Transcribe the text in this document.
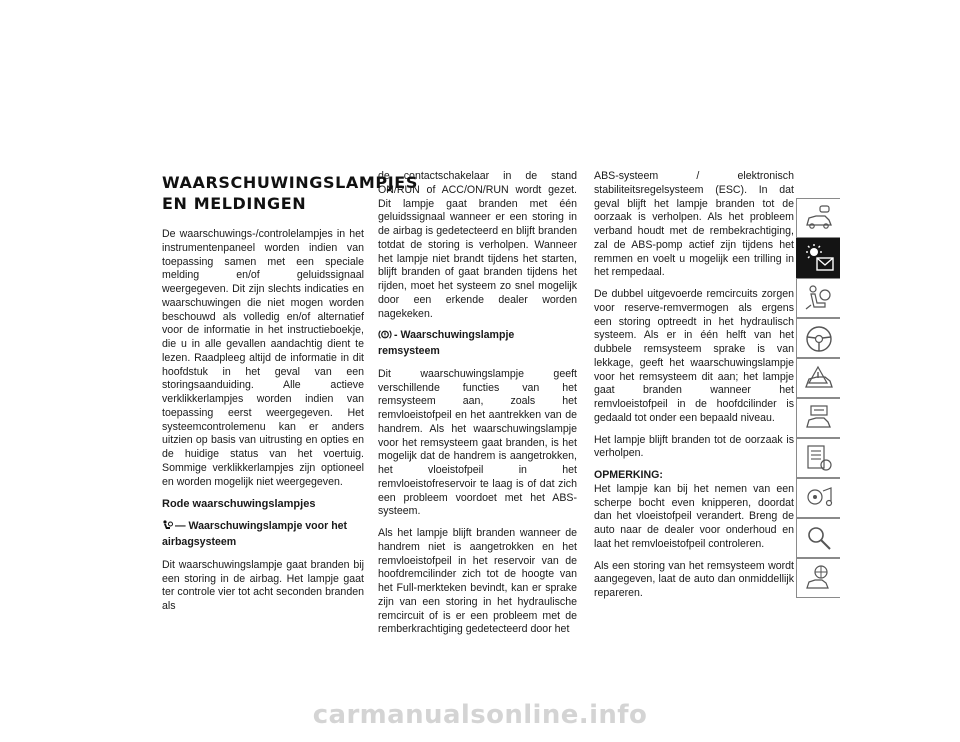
WAARSCHUWINGSLAMPJES EN MELDINGEN

De waarschuwings-/controlelampjes in het instrumentenpaneel worden indien van toepassing samen met een speciale melding en/of geluidssignaal weergegeven. Dit zijn slechts indicaties en waarschuwingen die niet mogen worden beschouwd als volledig en/of alternatief voor de informatie in het instructieboekje, die u in alle gevallen aandachtig dient te lezen. Raadpleeg altijd de informatie in dit hoofdstuk in het geval van een storingsaanduiding. Alle actieve verklikkerlampjes worden indien van toepassing eerst weergegeven. Het systeemcontrolemenu kan er anders uitzien op basis van uitrusting en opties en de huidige status van het voertuig. Sommige verklikkerlampjes zijn optioneel en worden mogelijk niet weergegeven.

Rode waarschuwingslampjes
— Waarschuwingslampje voor het airbagsysteem

Dit waarschuwingslampje gaat branden bij een storing in de airbag. Het lampje gaat ter controle vier tot acht seconden branden als

de contactschakelaar in de stand ON/RUN of ACC/ON/RUN wordt gezet. Dit lampje gaat branden met één geluidssignaal wanneer er een storing in de airbag is gedetecteerd en blijft branden totdat de storing is verholpen. Wanneer het lampje niet brandt tijdens het starten, blijft branden of gaat branden tijdens het rijden, moet het systeem zo snel mogelijk door een erkende dealer worden nagekeken.

- Waarschuwingslampje remsysteem

Dit waarschuwingslampje geeft verschillende functies van het remsysteem aan, zoals het remvloeistofpeil en het aantrekken van de handrem. Als het waarschuwingslampje voor het remsysteem gaat branden, is het mogelijk dat de handrem is aangetrokken, het vloeistofpeil in het remvloeistofreservoir te laag is of dat zich een probleem voordoet met het ABS-systeem.

Als het lampje blijft branden wanneer de handrem niet is aangetrokken en het remvloeistofpeil in het reservoir van de hoofdremcilinder zich tot de hoogte van het Full-merkteken bevindt, kan er sprake zijn van een storing in het hydraulische remcircuit of is er een probleem met de remberkrachtiging gedetecteerd door het

ABS-systeem / elektronisch stabiliteitsregelsysteem (ESC). In dat geval blijft het lampje branden tot de oorzaak is verholpen. Als het probleem verband houdt met de rembekrachtiging, zal de ABS-pomp actief zijn tijdens het remmen en voelt u mogelijk een trilling in het rempedaal.

De dubbel uitgevoerde remcircuits zorgen voor reserve-remvermogen als ergens een storing optreedt in het hydraulisch systeem. Als er in één helft van het dubbele remsysteem sprake is van lekkage, geeft het waarschuwingslampje voor het remsysteem dit aan; het lampje gaat branden wanneer het remvloeistofpeil in de hoofdcilinder is gedaald tot onder een bepaald niveau.

Het lampje blijft branden tot de oorzaak is verholpen.

OPMERKING:
Het lampje kan bij het nemen van een scherpe bocht even knipperen, doordat dan het vloeistofpeil verandert. Breng de auto naar de dealer voor onderhoud en laat het remvloeistofpeil controleren.

Als een storing van het remsysteem wordt aangegeven, laat de auto dan onmiddellijk repareren.

carmanualsonline.info
